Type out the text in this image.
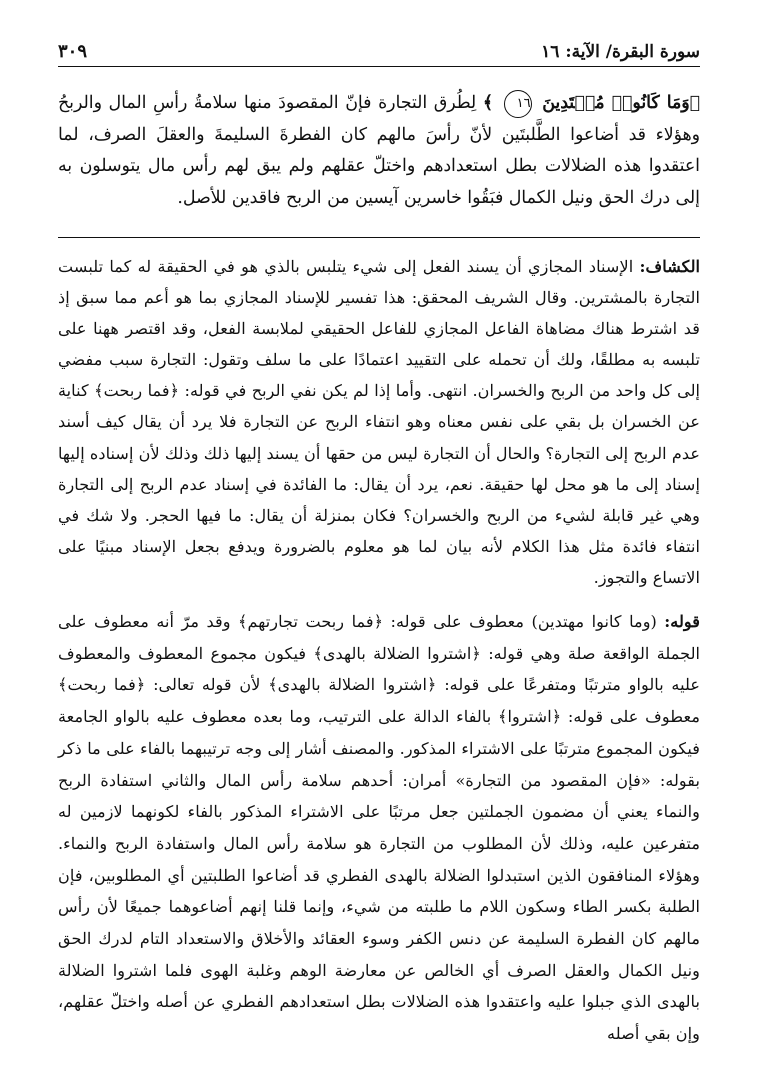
سورة البقرة/ الآية: ١٦
٣٠٩

﴿وَمَا كَانُوا۟ مُهۡتَدِينَ ١٦ ﴾ لِطُرق التجارة فإنّ المقصودَ منها سلامةُ رأسِ المال والربحُ وهؤلاء قد أضاعوا الطَّلبتَين لأنّ رأسَ مالهم كان الفطرةَ السليمةَ والعقلَ الصرف، لما اعتقدوا هذه الضلالات بطل استعدادهم واختلّ عقلهم ولم يبق لهم رأس مال يتوسلون به إلى درك الحق ونيل الكمال فبَقُوا خاسرين آيسين من الربح فاقدين للأصل.

الكشاف: الإسناد المجازي أن يسند الفعل إلى شيء يتلبس بالذي هو في الحقيقة له كما تلبست التجارة بالمشترين. وقال الشريف المحقق: هذا تفسير للإسناد المجازي بما هو أعم مما سبق إذ قد اشترط هناك مضاهاة الفاعل المجازي للفاعل الحقيقي لملابسة الفعل، وقد اقتصر ههنا على تلبسه به مطلقًا، ولك أن تحمله على التقييد اعتمادًا على ما سلف وتقول: التجارة سبب مفضي إلى كل واحد من الربح والخسران. انتهى. وأما إذا لم يكن نفي الربح في قوله: ﴿فما ربحت﴾ كناية عن الخسران بل بقي على نفس معناه وهو انتفاء الربح عن التجارة فلا يرد أن يقال كيف أسند عدم الربح إلى التجارة؟ والحال أن التجارة ليس من حقها أن يسند إليها ذلك وذلك لأن إسناده إليها إسناد إلى ما هو محل لها حقيقة. نعم، يرد أن يقال: ما الفائدة في إسناد عدم الربح إلى التجارة وهي غير قابلة لشيء من الربح والخسران؟ فكان بمنزلة أن يقال: ما فيها الحجر. ولا شك في انتفاء فائدة مثل هذا الكلام لأنه بيان لما هو معلوم بالضرورة ويدفع بجعل الإسناد مبنيًا على الاتساع والتجوز.

قوله: (وما كانوا مهتدين) معطوف على قوله: ﴿فما ربحت تجارتهم﴾ وقد مرّ أنه معطوف على الجملة الواقعة صلة وهي قوله: ﴿اشتروا الضلالة بالهدى﴾ فيكون مجموع المعطوف والمعطوف عليه بالواو مترتبًا ومتفرعًا على قوله: ﴿اشتروا الضلالة بالهدى﴾ لأن قوله تعالى: ﴿فما ربحت﴾ معطوف على قوله: ﴿اشتروا﴾ بالفاء الدالة على الترتيب، وما بعده معطوف عليه بالواو الجامعة فيكون المجموع مترتبًا على الاشتراء المذكور. والمصنف أشار إلى وجه ترتيبهما بالفاء على ما ذكر بقوله: «فإن المقصود من التجارة» أمران: أحدهم سلامة رأس المال والثاني استفادة الربح والنماء يعني أن مضمون الجملتين جعل مرتبًا على الاشتراء المذكور بالفاء لكونهما لازمين له متفرعين عليه، وذلك لأن المطلوب من التجارة هو سلامة رأس المال واستفادة الربح والنماء. وهؤلاء المنافقون الذين استبدلوا الضلالة بالهدى الفطري قد أضاعوا الطلبتين أي المطلوبين، فإن الطلبة بكسر الطاء وسكون اللام ما طلبته من شيء، وإنما قلنا إنهم أضاعوهما جميعًا لأن رأس مالهم كان الفطرة السليمة عن دنس الكفر وسوء العقائد والأخلاق والاستعداد التام لدرك الحق ونيل الكمال والعقل الصرف أي الخالص عن معارضة الوهم وغلبة الهوى فلما اشتروا الضلالة بالهدى الذي جبلوا عليه واعتقدوا هذه الضلالات بطل استعدادهم الفطري عن أصله واختلّ عقلهم، وإن بقي أصله
